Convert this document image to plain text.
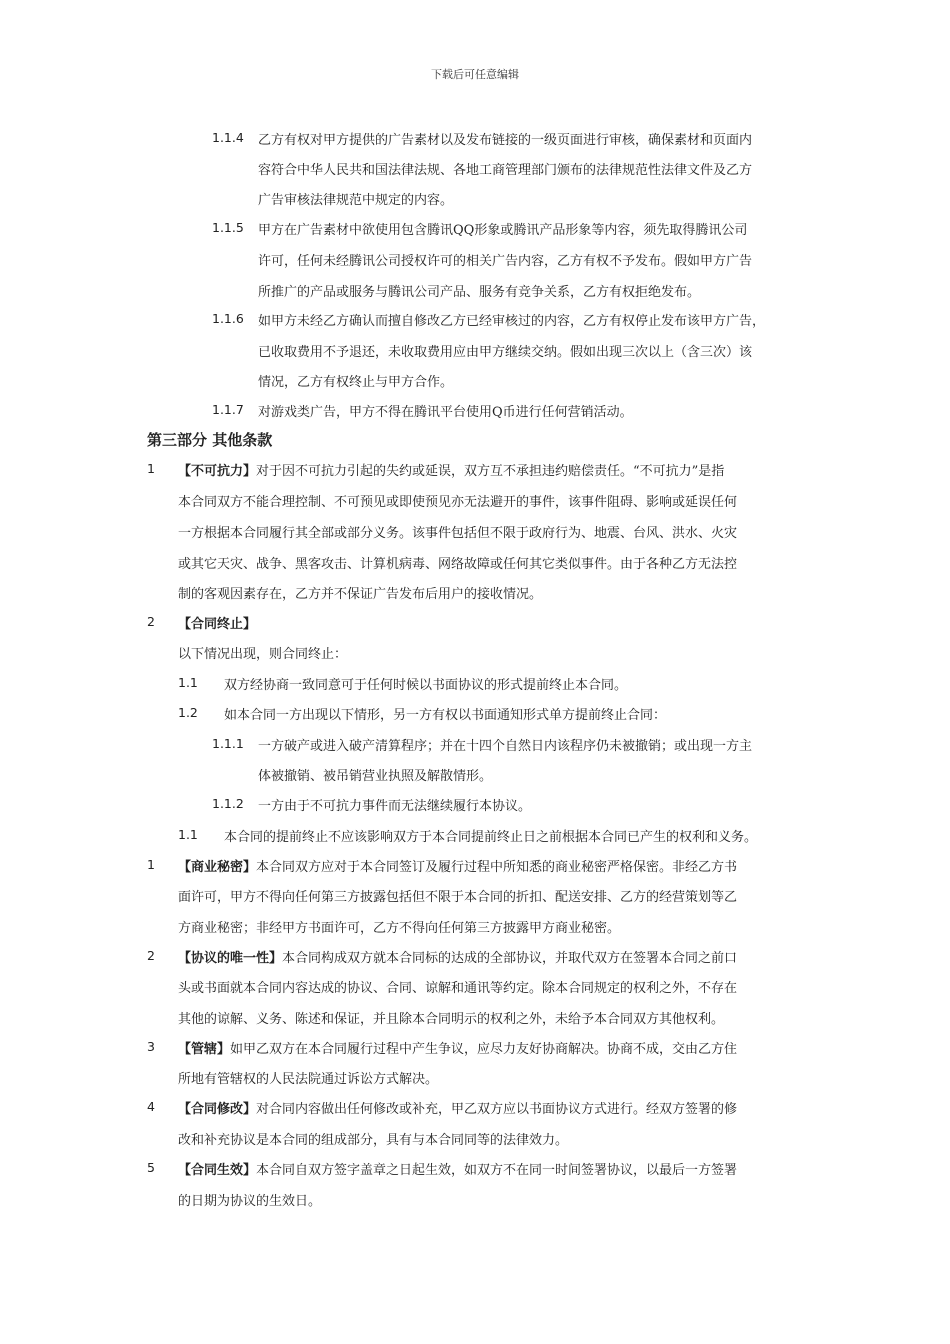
下载后可任意编辑
1.1.4 乙方有权对甲方提供的广告素材以及发布链接的一级页面进行审核，确保素材和页面内
容符合中华人民共和国法律法规、各地工商管理部门颁布的法律规范性法律文件及乙方
广告审核法律规范中规定的内容。
1.1.5 甲方在广告素材中欲使用包含腾讯QQ形象或腾讯产品形象等内容，须先取得腾讯公司
许可，任何未经腾讯公司授权许可的相关广告内容，乙方有权不予发布。假如甲方广告
所推广的产品或服务与腾讯公司产品、服务有竞争关系，乙方有权拒绝发布。
1.1.6 如甲方未经乙方确认而擅自修改乙方已经审核过的内容，乙方有权停止发布该甲方广告，
已收取费用不予退还，未收取费用应由甲方继续交纳。假如出现三次以上（含三次）该
情况，乙方有权终止与甲方合作。
1.1.7 对游戏类广告，甲方不得在腾讯平台使用Q币进行任何营销活动。
第三部分 其他条款
1 【不可抗力】对于因不可抗力引起的失约或延误，双方互不承担违约赔偿责任。“不可抗力”是指
本合同双方不能合理控制、不可预见或即使预见亦无法避开的事件，该事件阻碍、影响或延误任何
一方根据本合同履行其全部或部分义务。该事件包括但不限于政府行为、地震、台风、洪水、火灾
或其它天灾、战争、黑客攻击、计算机病毒、网络故障或任何其它类似事件。由于各种乙方无法控
制的客观因素存在，乙方并不保证广告发布后用户的接收情况。
2 【合同终止】
以下情况出现，则合同终止：
1.1 双方经协商一致同意可于任何时候以书面协议的形式提前终止本合同。
1.2 如本合同一方出现以下情形，另一方有权以书面通知形式单方提前终止合同：
1.1.1 一方破产或进入破产清算程序；并在十四个自然日内该程序仍未被撤销；或出现一方主
体被撤销、被吊销营业执照及解散情形。
1.1.2 一方由于不可抗力事件而无法继续履行本协议。
1.1 本合同的提前终止不应该影响双方于本合同提前终止日之前根据本合同已产生的权利和义务。
1 【商业秘密】本合同双方应对于本合同签订及履行过程中所知悉的商业秘密严格保密。非经乙方书
面许可，甲方不得向任何第三方披露包括但不限于本合同的折扣、配送安排、乙方的经营策划等乙
方商业秘密；非经甲方书面许可，乙方不得向任何第三方披露甲方商业秘密。
2 【协议的唯一性】本合同构成双方就本合同标的达成的全部协议，并取代双方在签署本合同之前口
头或书面就本合同内容达成的协议、合同、谅解和通讯等约定。除本合同规定的权利之外，不存在
其他的谅解、义务、陈述和保证，并且除本合同明示的权利之外，未给予本合同双方其他权利。
3 【管辖】如甲乙双方在本合同履行过程中产生争议，应尽力友好协商解决。协商不成，交由乙方住
所地有管辖权的人民法院通过诉讼方式解决。
4 【合同修改】对合同内容做出任何修改或补充，甲乙双方应以书面协议方式进行。经双方签署的修
改和补充协议是本合同的组成部分，具有与本合同同等的法律效力。
5 【合同生效】本合同自双方签字盖章之日起生效，如双方不在同一时间签署协议，以最后一方签署
的日期为协议的生效日。
